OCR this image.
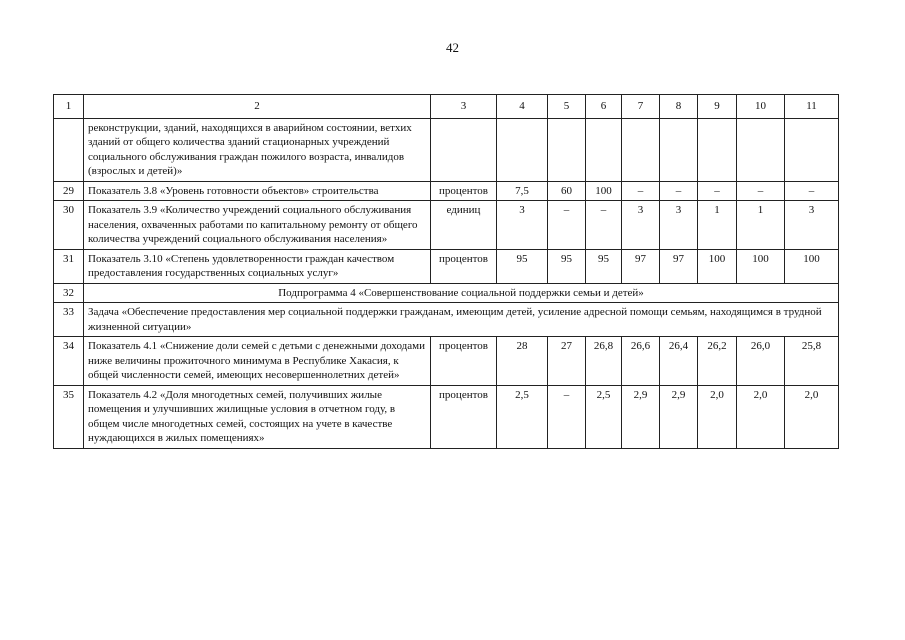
42
1	2	3	4	5	6	7	8	9	10	11
	реконструкции, зданий, находящихся в аварийном состоянии, ветхих зданий от общего количества зданий стационарных учреждений социального обслуживания граждан пожилого возраста, инвалидов (взрослых и детей)»									
29	Показатель 3.8 «Уровень готовности объектов» строительства	процентов	7,5	60	100	–	–	–	–	–
30	Показатель 3.9 «Количество учреждений социального обслуживания населения, охваченных работами по капитальному ремонту от общего количества учреждений социального обслуживания населения»	единиц	3	–	–	3	3	1	1	3
31	Показатель 3.10 «Степень удовлетворенности граждан качеством предоставления государственных социальных услуг»	процентов	95	95	95	97	97	100	100	100
32	Подпрограмма 4 «Совершенствование социальной поддержки семьи и детей»									
33	Задача «Обеспечение предоставления мер социальной поддержки гражданам, имеющим детей, усиление адресной помощи семьям, находящимся в трудной жизненной ситуации»									
34	Показатель 4.1 «Снижение доли семей с детьми с денежными доходами ниже величины прожиточного минимума в Республике Хакасия, к общей численности семей, имеющих несовершеннолетних детей»	процентов	28	27	26,8	26,6	26,4	26,2	26,0	25,8
35	Показатель 4.2 «Доля многодетных семей, получивших жилые помещения и улучшивших жилищные условия в отчетном году, в общем числе многодетных семей, состоящих на учете в качестве нуждающихся в жилых помещениях»	процентов	2,5	–	2,5	2,9	2,9	2,0	2,0	2,0
